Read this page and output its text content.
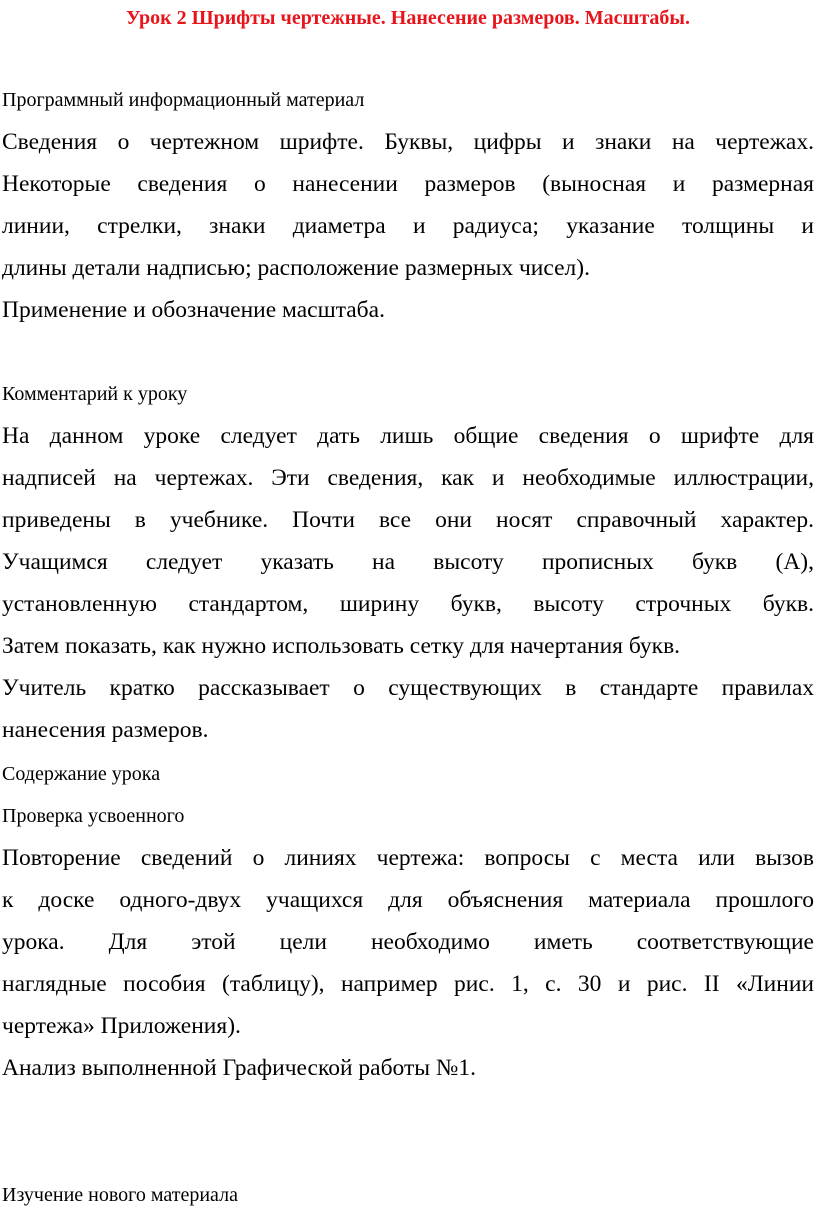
Урок 2 Шрифты чертежные. Нанесение размеров. Масштабы.
Программный информационный материал
Сведения о чертежном шрифте. Буквы, цифры и знаки на чертежах.
Некоторые сведения о нанесении размеров (выносная и размерная
линии, стрелки, знаки диаметра и радиуса; указание толщины и
длины детали надписью; расположение размерных чисел).
Применение и обозначение масштаба.
Комментарий к уроку
На данном уроке следует дать лишь общие сведения о шрифте для
надписей на чертежах. Эти сведения, как и необходимые иллюстрации,
приведены в учебнике. Почти все они носят справочный характер.
Учащимся следует указать на высоту прописных букв (А),
установленную стандартом, ширину букв, высоту строчных букв.
Затем показать, как нужно использовать сетку для начертания букв.
Учитель кратко рассказывает о существующих в стандарте правилах
нанесения размеров.
Содержание урока
Проверка усвоенного
Повторение сведений о линиях чертежа: вопросы с места или вызов
к доске одного-двух учащихся для объяснения материала прошлого
урока. Для этой цели необходимо иметь соответствующие
наглядные пособия (таблицу), например рис. 1, с. 30 и рис. II «Линии
чертежа» Приложения).
Анализ выполненной Графической работы №1.
Изучение нового материала
